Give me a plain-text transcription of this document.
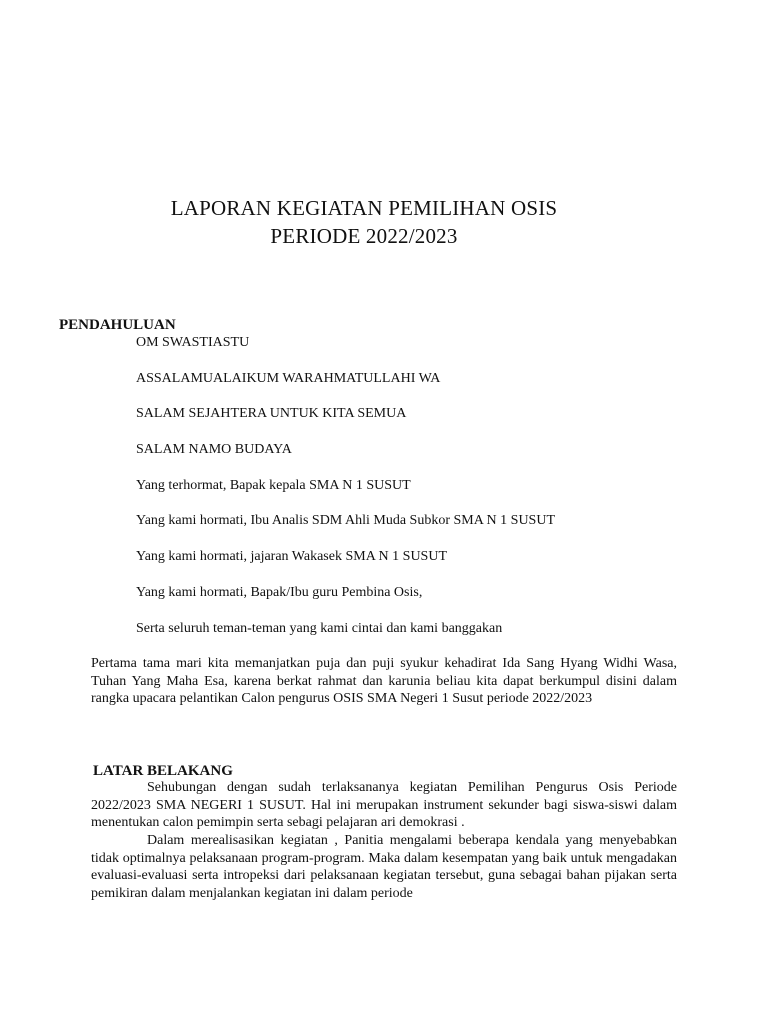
LAPORAN KEGIATAN PEMILIHAN OSIS
PERIODE 2022/2023
PENDAHULUAN
OM SWASTIASTU
ASSALAMUALAIKUM WARAHMATULLAHI WA
SALAM SEJAHTERA UNTUK KITA SEMUA
SALAM NAMO BUDAYA
Yang terhormat, Bapak kepala SMA N 1 SUSUT
Yang kami hormati, Ibu Analis SDM Ahli Muda Subkor SMA N 1 SUSUT
Yang kami hormati, jajaran Wakasek SMA N 1 SUSUT
Yang kami hormati, Bapak/Ibu guru Pembina Osis,
Serta seluruh teman-teman yang kami cintai dan kami banggakan

Pertama tama mari kita memanjatkan puja dan puji syukur kehadirat Ida Sang Hyang Widhi Wasa, Tuhan Yang Maha Esa, karena berkat rahmat dan karunia beliau kita dapat berkumpul disini dalam rangka upacara pelantikan Calon pengurus OSIS SMA Negeri 1 Susut periode 2022/2023

LATAR BELAKANG

Sehubungan dengan sudah terlaksananya kegiatan Pemilihan Pengurus Osis Periode 2022/2023 SMA NEGERI 1 SUSUT. Hal ini merupakan instrument sekunder bagi siswa-siswi dalam menentukan calon pemimpin serta sebagi pelajaran ari demokrasi .

Dalam merealisasikan kegiatan , Panitia mengalami beberapa kendala yang menyebabkan tidak optimalnya pelaksanaan program-program. Maka dalam kesempatan yang baik untuk mengadakan evaluasi-evaluasi serta intropeksi dari pelaksanaan kegiatan tersebut, guna sebagai bahan pijakan serta pemikiran dalam menjalankan kegiatan ini dalam periode
